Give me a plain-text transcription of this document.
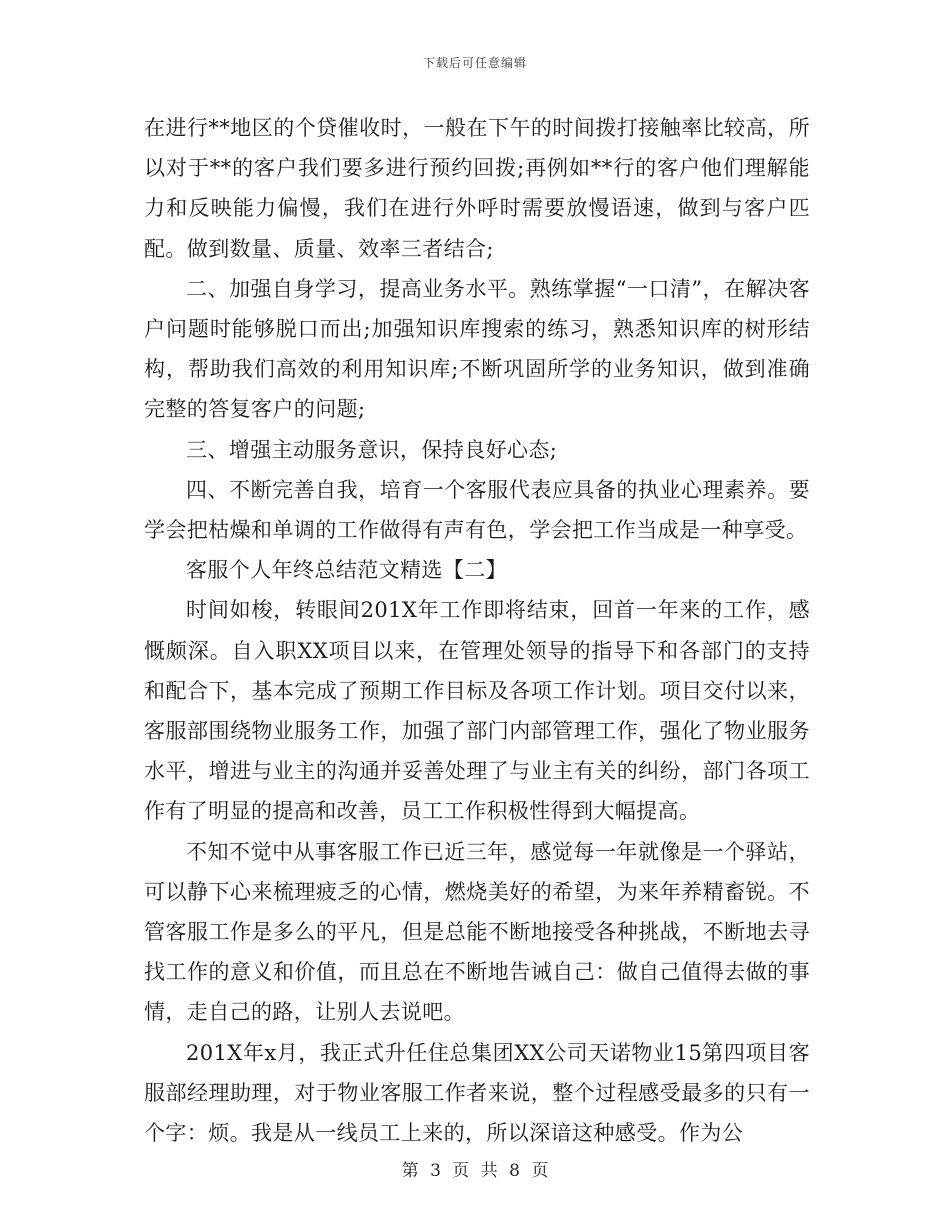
下载后可任意编辑

在进行**地区的个贷催收时，一般在下午的时间拨打接触率比较高，所以对于**的客户我们要多进行预约回拨;再例如**行的客户他们理解能力和反映能力偏慢，我们在进行外呼时需要放慢语速，做到与客户匹配。做到数量、质量、效率三者结合;

二、加强自身学习，提高业务水平。熟练掌握“一口清”，在解决客户问题时能够脱口而出;加强知识库搜索的练习，熟悉知识库的树形结构，帮助我们高效的利用知识库;不断巩固所学的业务知识，做到准确完整的答复客户的问题;

三、增强主动服务意识，保持良好心态;

四、不断完善自我，培育一个客服代表应具备的执业心理素养。要学会把枯燥和单调的工作做得有声有色，学会把工作当成是一种享受。

客服个人年终总结范文精选【二】

时间如梭，转眼间201X年工作即将结束，回首一年来的工作，感慨颇深。自入职XX项目以来，在管理处领导的指导下和各部门的支持和配合下，基本完成了预期工作目标及各项工作计划。项目交付以来，客服部围绕物业服务工作，加强了部门内部管理工作，强化了物业服务水平，增进与业主的沟通并妥善处理了与业主有关的纠纷，部门各项工作有了明显的提高和改善，员工工作积极性得到大幅提高。

不知不觉中从事客服工作已近三年，感觉每一年就像是一个驿站，可以静下心来梳理疲乏的心情，燃烧美好的希望，为来年养精畜锐。不管客服工作是多么的平凡，但是总能不断地接受各种挑战，不断地去寻找工作的意义和价值，而且总在不断地告诫自己：做自己值得去做的事情，走自己的路，让别人去说吧。

201X年x月，我正式升任住总集团XX公司天诺物业15第四项目客服部经理助理，对于物业客服工作者来说，整个过程感受最多的只有一个字：烦。我是从一线员工上来的，所以深谙这种感受。作为公

第 3 页 共 8 页
